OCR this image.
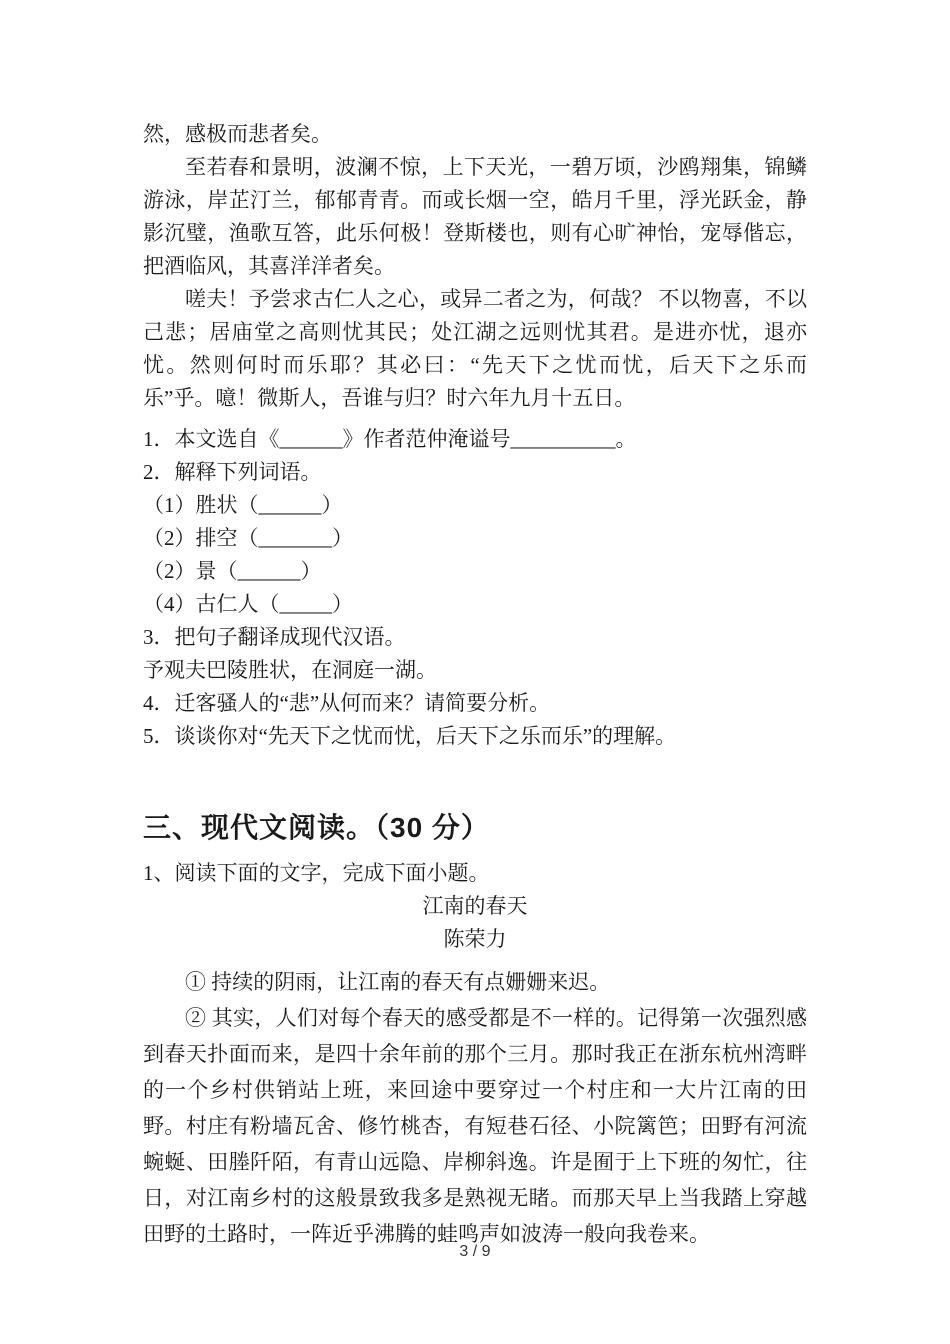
然，感极而悲者矣。

至若春和景明，波澜不惊，上下天光，一碧万顷，沙鸥翔集，锦鳞游泳，岸芷汀兰，郁郁青青。而或长烟一空，皓月千里，浮光跃金，静影沉璧，渔歌互答，此乐何极！登斯楼也，则有心旷神怡，宠辱偕忘，把酒临风，其喜洋洋者矣。

嗟夫！予尝求古仁人之心，或异二者之为，何哉？ 不以物喜，不以己悲；居庙堂之高则忧其民；处江湖之远则忧其君。是进亦忧，退亦忧。然则何时而乐耶？其必曰：“先天下之忧而忧，后天下之乐而乐”乎。噫！微斯人，吾谁与归？时六年九月十五日。

1．本文选自《______》作者范仲淹谥号__________。

2．解释下列词语。

（1）胜状（______）

（2）排空（_______）

（2）景（______）

（4）古仁人（_____）

3．把句子翻译成现代汉语。

予观夫巴陵胜状，在洞庭一湖。

4．迁客骚人的“悲”从何而来？请简要分析。

5．谈谈你对“先天下之忧而忧，后天下之乐而乐”的理解。

三、现代文阅读。（30 分）

1、阅读下面的文字，完成下面小题。

江南的春天

陈荣力

① 持续的阴雨，让江南的春天有点姗姗来迟。

② 其实，人们对每个春天的感受都是不一样的。记得第一次强烈感到春天扑面而来，是四十余年前的那个三月。那时我正在浙东杭州湾畔的一个乡村供销站上班，来回途中要穿过一个村庄和一大片江南的田野。村庄有粉墙瓦舍、修竹桃杏，有短巷石径、小院篱笆；田野有河流蜿蜒、田塍阡陌，有青山远隐、岸柳斜逸。许是囿于上下班的匆忙，往日，对江南乡村的这般景致我多是熟视无睹。而那天早上当我踏上穿越田野的土路时，一阵近乎沸腾的蛙鸣声如波涛一般向我卷来。

3 / 9
